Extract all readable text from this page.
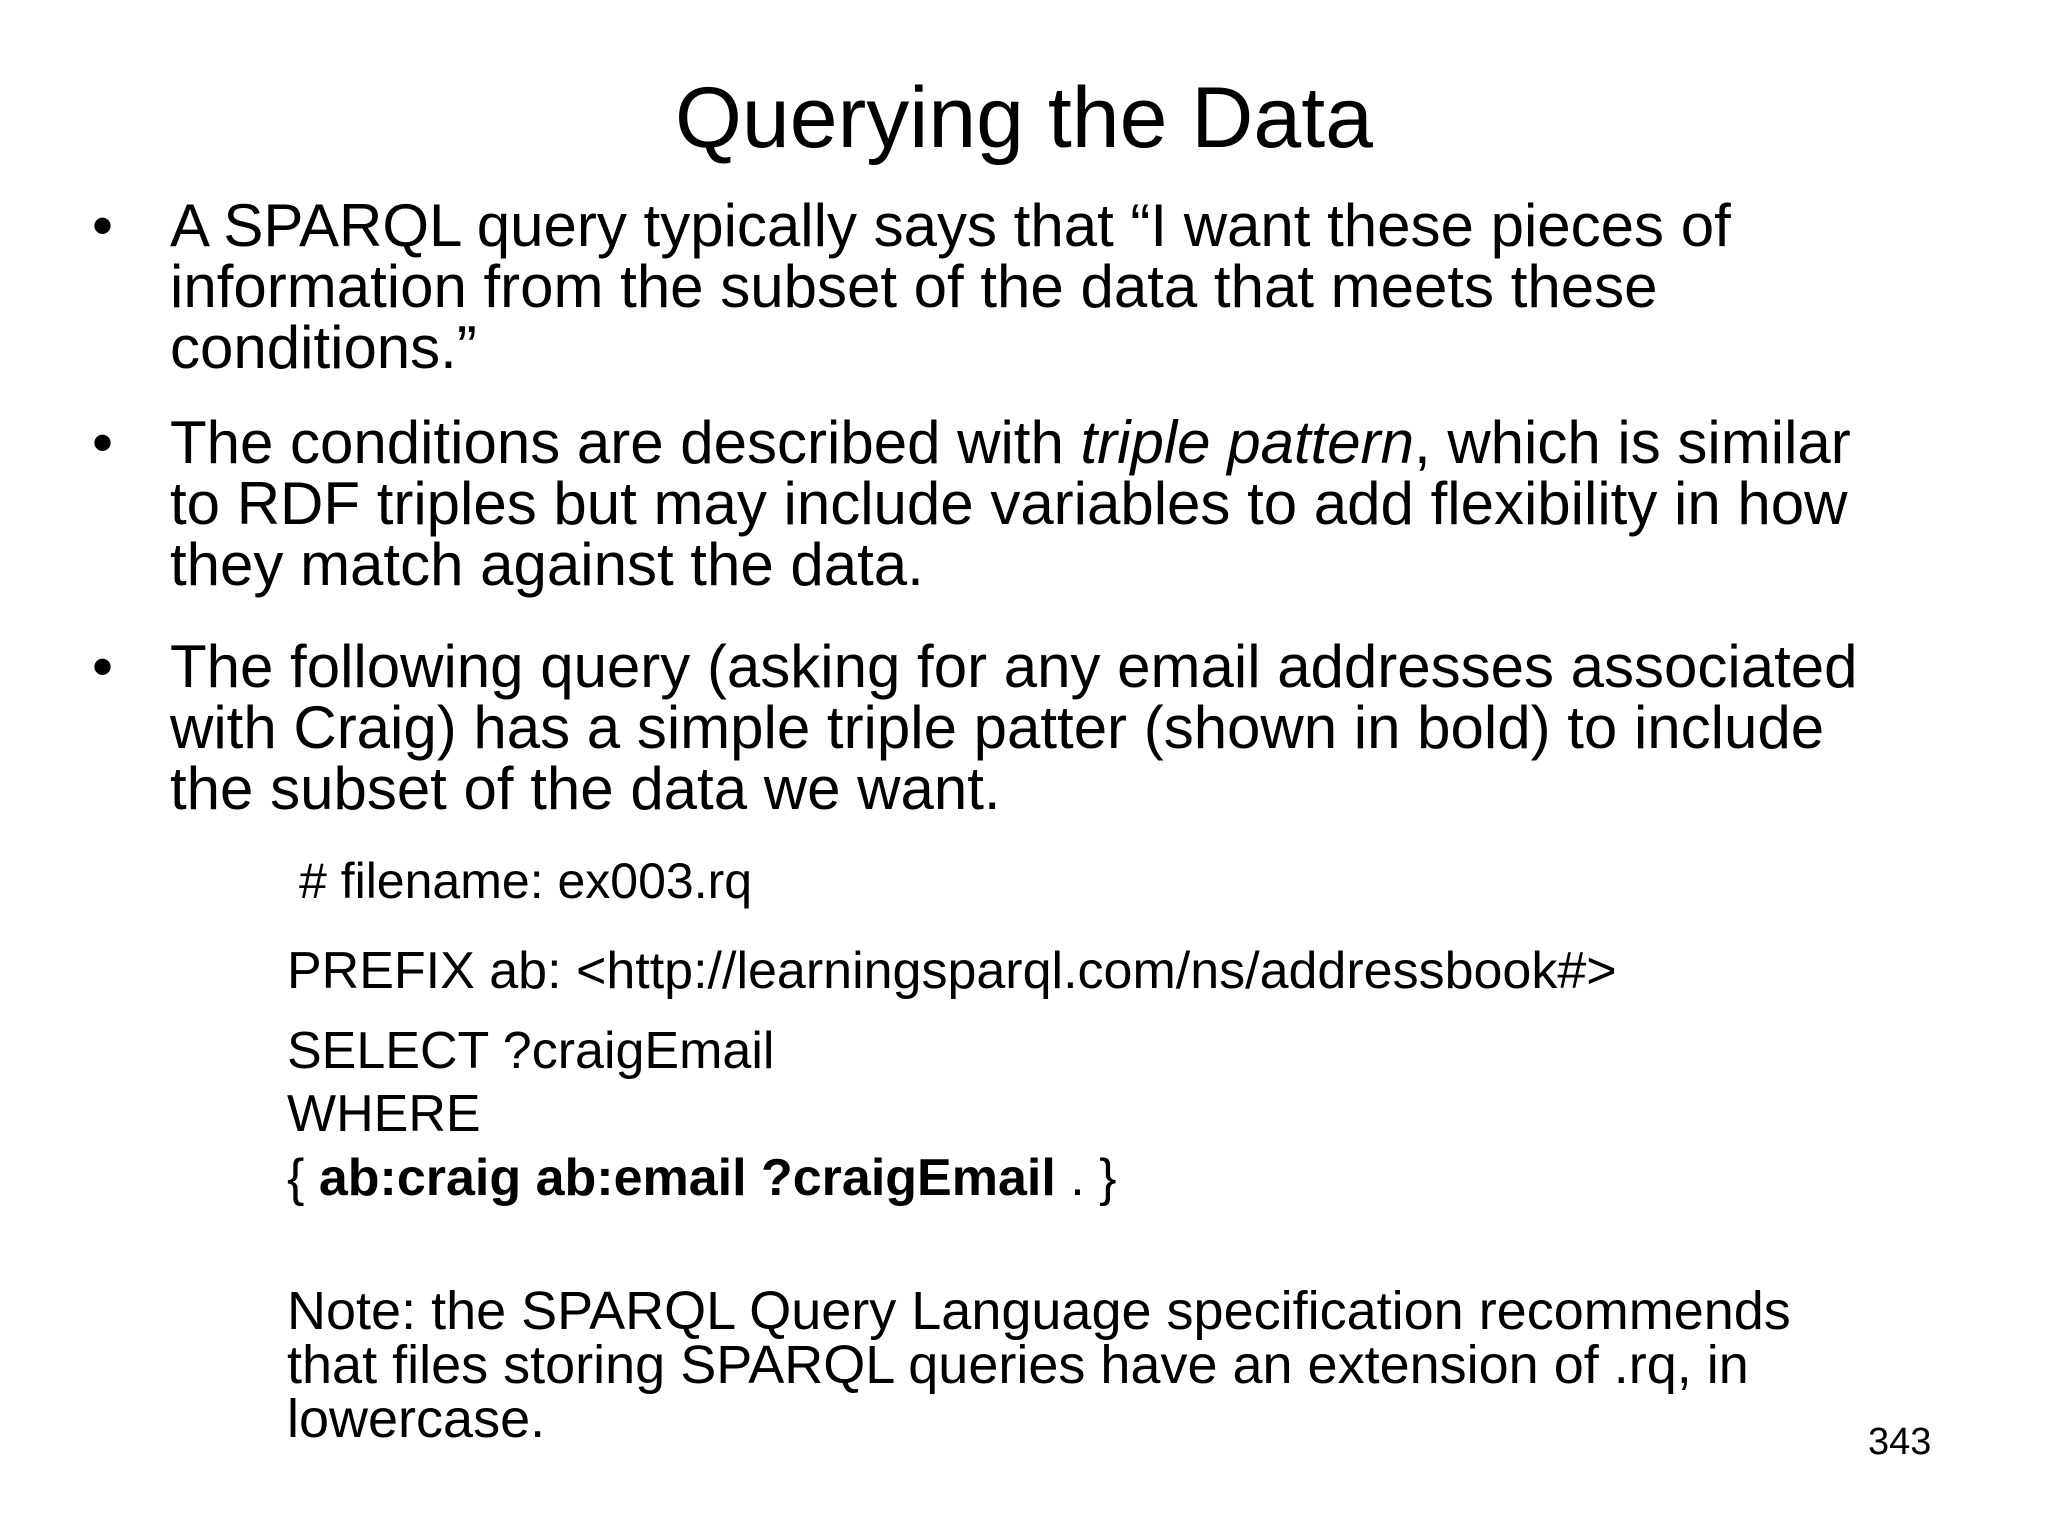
Querying the Data
• A SPARQL query typically says that “I want these pieces of
information from the subset of the data that meets these
conditions.”
• The conditions are described with triple pattern, which is similar
to RDF triples but may include variables to add flexibility in how
they match against the data.
• The following query (asking for any email addresses associated
with Craig) has a simple triple patter (shown in bold) to include
the subset of the data we want.
# filename: ex003.rq
PREFIX ab: <http://learningsparql.com/ns/addressbook#>
SELECT ?craigEmail
WHERE
{ ab:craig ab:email ?craigEmail . }
Note: the SPARQL Query Language specification recommends
that files storing SPARQL queries have an extension of .rq, in
lowercase.	343
